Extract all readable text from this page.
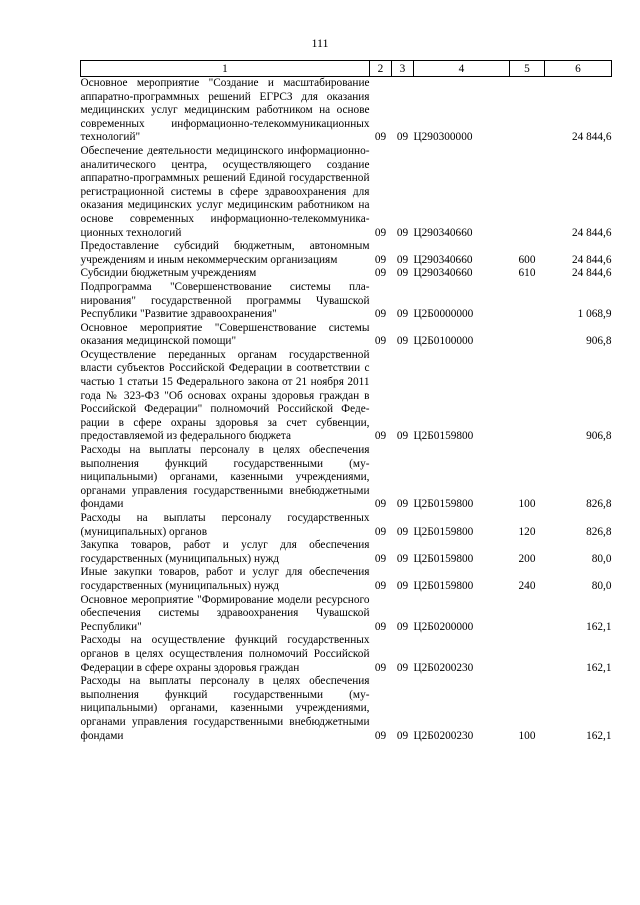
111
1	2	3	4	5	6
Основное мероприятие "Создание и масштабирование аппаратно-программных решений ЕГРСЗ для оказания медицинских услуг медицинским работником на основе современных информационно-телекоммуникационных технологий"	09	09	Ц290300000		24 844,6
Обеспечение деятельности медицинского информационно-аналитического центра, осуществляющего создание аппаратно-программных решений Единой государственной регистрационной системы в сфере здравоохранения для оказания медицинских услуг медицинским работником на основе современных информационно-телекоммуникационных технологий	09	09	Ц290340660		24 844,6
Предоставление субсидий бюджетным, автономным учреждениям и иным некоммерческим организациям	09	09	Ц290340660	600	24 844,6
Субсидии бюджетным учреждениям	09	09	Ц290340660	610	24 844,6
Подпрограмма "Совершенствование системы планирования" государственной программы Чувашской Республики "Развитие здравоохранения"	09	09	Ц2Б0000000		1 068,9
Основное мероприятие "Совершенствование системы оказания медицинской помощи"	09	09	Ц2Б0100000		906,8
Осуществление переданных органам государственной власти субъектов Российской Федерации в соответствии с частью 1 статьи 15 Федерального закона от 21 ноября 2011 года № 323-ФЗ "Об основах охраны здоровья граждан в Российской Федерации" полномочий Российской Федерации в сфере охраны здоровья за счет субвенции, предоставляемой из федерального бюджета	09	09	Ц2Б0159800		906,8
Расходы на выплаты персоналу в целях обеспечения выполнения функций государственными (муниципальными) органами, казенными учреждениями, органами управления государственными внебюджетными фондами	09	09	Ц2Б0159800	100	826,8
Расходы на выплаты персоналу государственных (муниципальных) органов	09	09	Ц2Б0159800	120	826,8
Закупка товаров, работ и услуг для обеспечения государственных (муниципальных) нужд	09	09	Ц2Б0159800	200	80,0
Иные закупки товаров, работ и услуг для обеспечения государственных (муниципальных) нужд	09	09	Ц2Б0159800	240	80,0
Основное мероприятие "Формирование модели ресурсного обеспечения системы здравоохранения Чувашской Республики"	09	09	Ц2Б0200000		162,1
Расходы на осуществление функций государственных органов в целях осуществления полномочий Российской Федерации в сфере охраны здоровья граждан	09	09	Ц2Б0200230		162,1
Расходы на выплаты персоналу в целях обеспечения выполнения функций государственными (муниципальными) органами, казенными учреждениями, органами управления государственными внебюджетными фондами	09	09	Ц2Б0200230	100	162,1
